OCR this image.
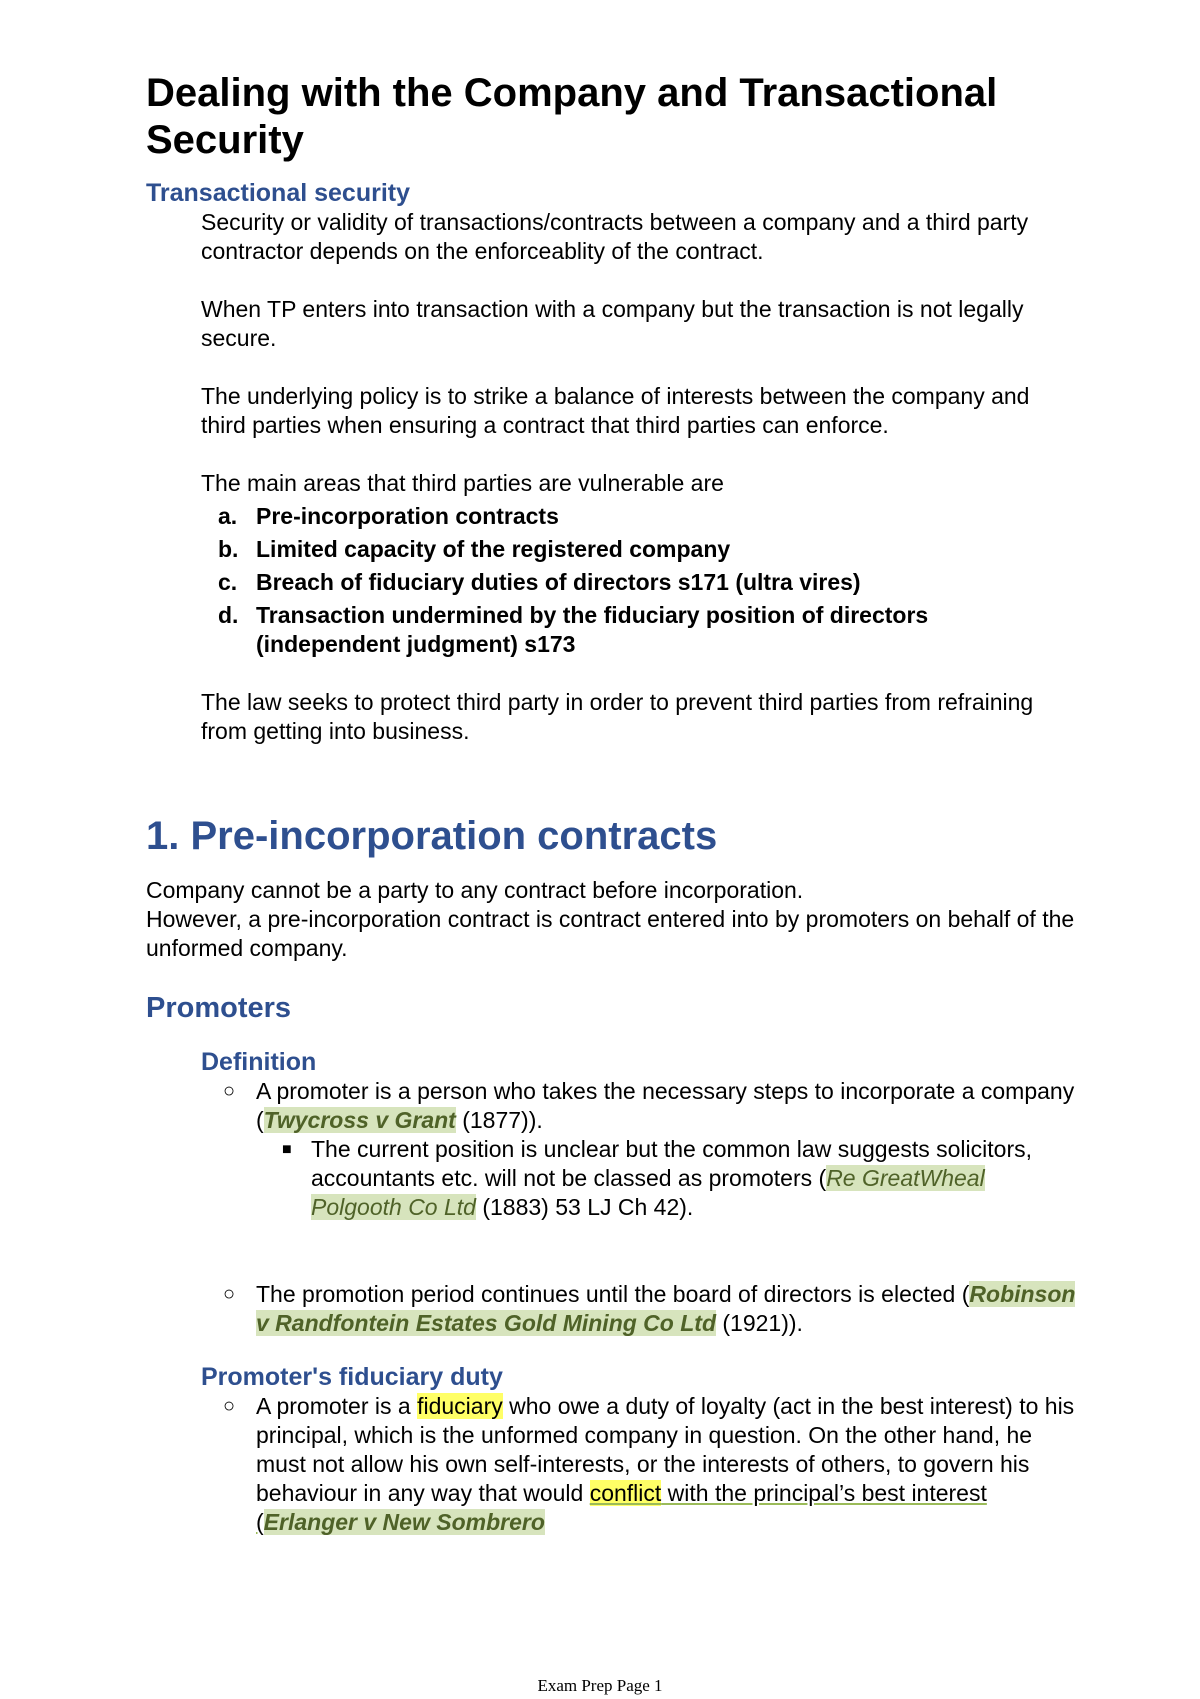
Dealing with the Company and Transactional Security
Transactional security

Security or validity of transactions/contracts between a company and a third party contractor depends on the enforceablity of the contract.

When TP enters into transaction with a company but the transaction is not legally secure.

The underlying policy is to strike a balance of interests between the company and third parties when ensuring a contract that third parties can enforce.

The main areas that third parties are vulnerable are

a. Pre-incorporation contracts
b. Limited capacity of the registered company
c. Breach of fiduciary duties of directors s171 (ultra vires)
d. Transaction undermined by the fiduciary position of directors (independent judgment) s173

The law seeks to protect third party in order to prevent third parties from refraining from getting into business.

1. Pre-incorporation contracts

Company cannot be a party to any contract before incorporation.

However, a pre-incorporation contract is contract entered into by promoters on behalf of the unformed company.

Promoters
Definition
○ A promoter is a person who takes the necessary steps to incorporate a company (Twycross v Grant (1877)).
■ The current position is unclear but the common law suggests solicitors, accountants etc. will not be classed as promoters (Re GreatWheal Polgooth Co Ltd (1883) 53 LJ Ch 42).
○ The promotion period continues until the board of directors is elected (Robinson v Randfontein Estates Gold Mining Co Ltd (1921)).
Promoter's fiduciary duty
○ A promoter is a fiduciary who owe a duty of loyalty (act in the best interest) to his principal, which is the unformed company in question. On the other hand, he must not allow his own self-interests, or the interests of others, to govern his behaviour in any way that would conflict with the principal’s best interest (Erlanger v New Sombrero
Exam Prep Page 1
